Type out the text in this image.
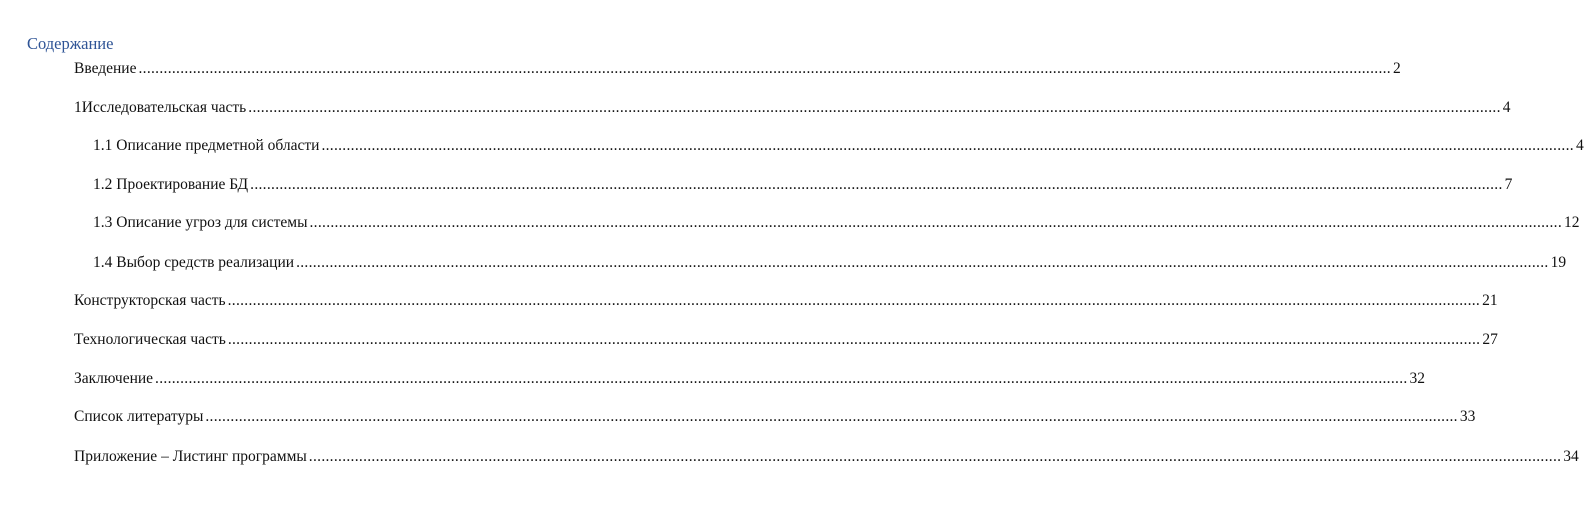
Содержание
Введение ............................................................................................................................................................................................................................................................................................................ 2
1Исследовательская часть ............................................................................................................................................................................................................................................................................................................ 4
1.1 Описание предметной области ............................................................................................................................................................................................................................................................................................................ 4
1.2 Проектирование БД ............................................................................................................................................................................................................................................................................................................ 7
1.3 Описание угроз для системы ............................................................................................................................................................................................................................................................................................................ 12
1.4 Выбор средств реализации ............................................................................................................................................................................................................................................................................................................ 19
Конструкторская часть ............................................................................................................................................................................................................................................................................................................ 21
Технологическая часть ............................................................................................................................................................................................................................................................................................................ 27
Заключение ............................................................................................................................................................................................................................................................................................................ 32
Список литературы ............................................................................................................................................................................................................................................................................................................ 33
Приложение – Листинг программы ............................................................................................................................................................................................................................................................................................................ 34
